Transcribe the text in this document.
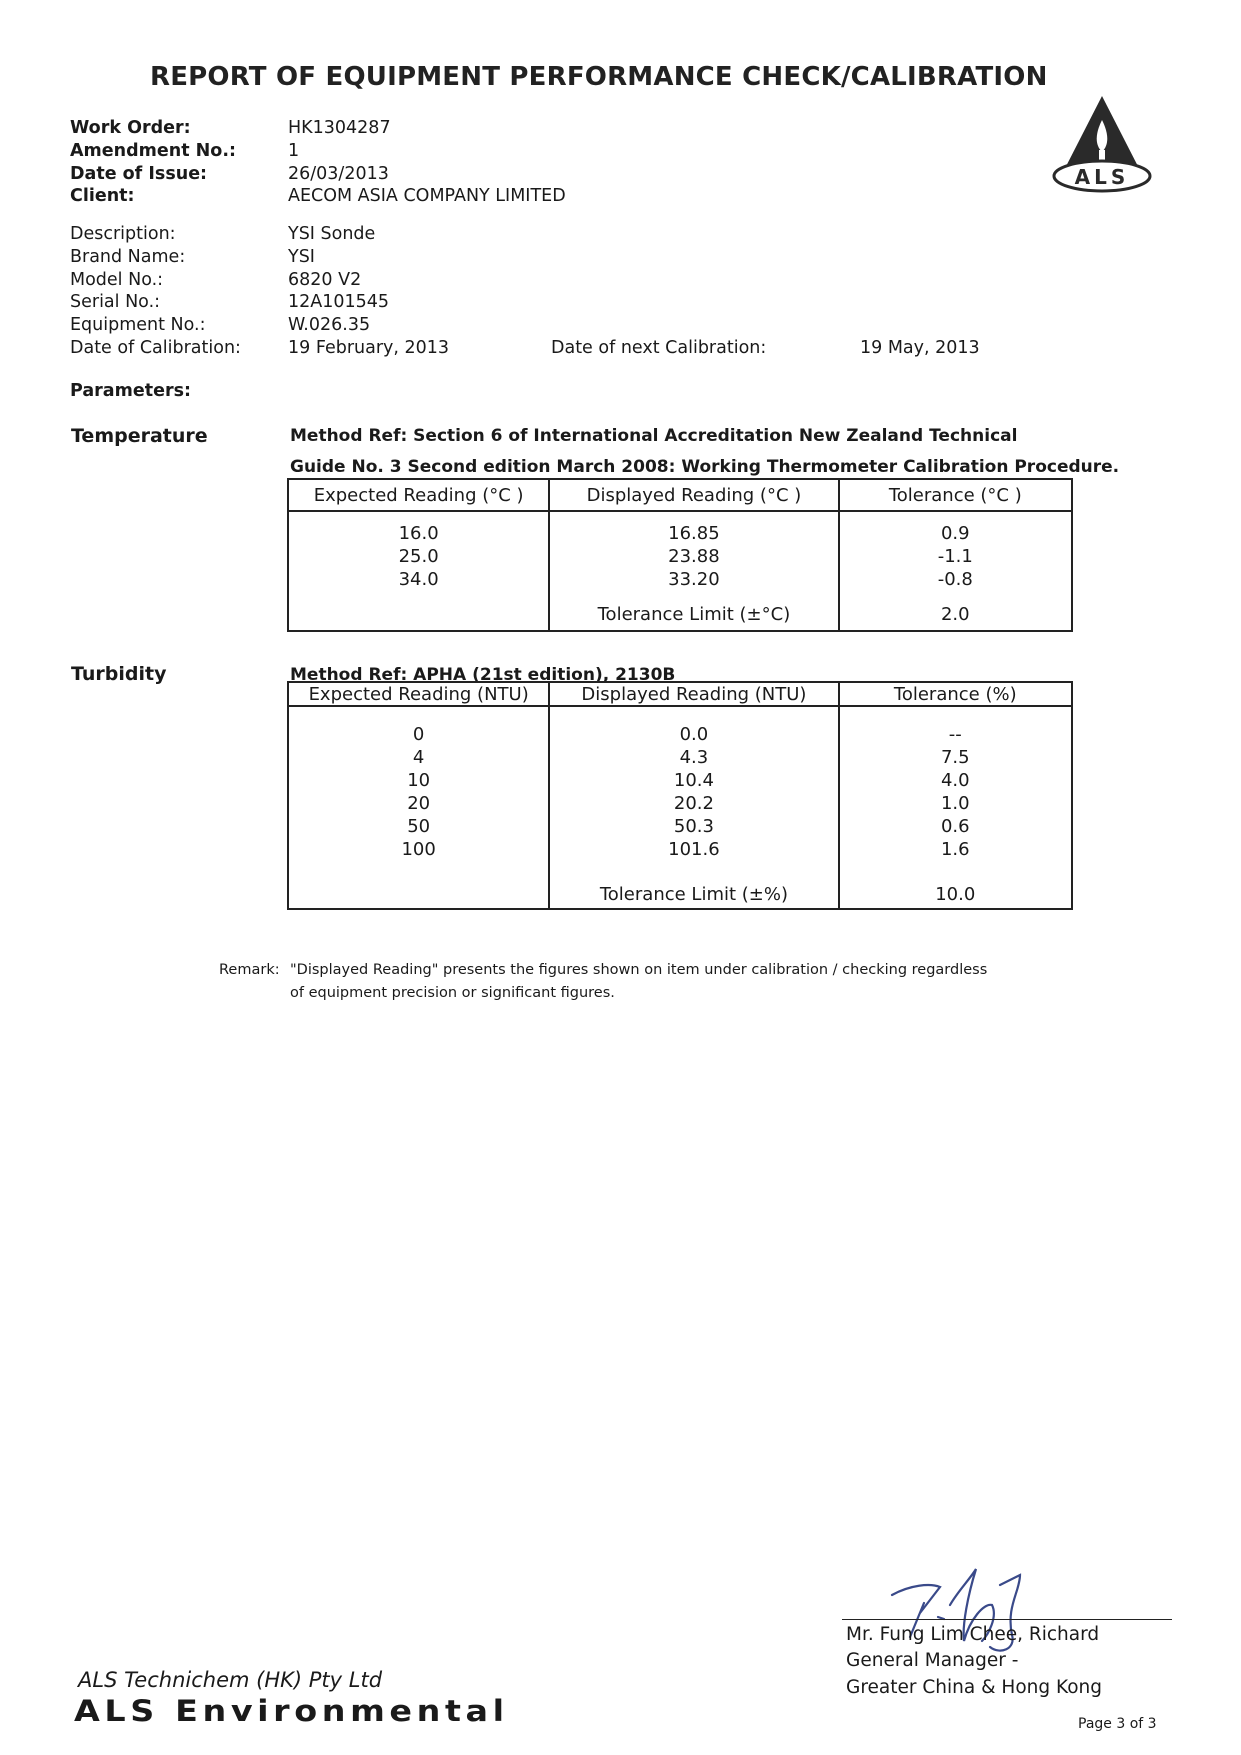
REPORT OF EQUIPMENT PERFORMANCE CHECK/CALIBRATION
ALS
Work Order:	HK1304287
Amendment No.:	1
Date of Issue:	26/03/2013
Client:	AECOM ASIA COMPANY LIMITED
Description:	YSI Sonde
Brand Name:	YSI
Model No.:	6820 V2
Serial No.:	12A101545
Equipment No.:	W.026.35
Date of Calibration:	19 February, 2013	Date of next Calibration:	19 May, 2013
Parameters:
Temperature	Method Ref: Section 6 of International Accreditation New Zealand Technical
Guide No. 3 Second edition March 2008: Working Thermometer Calibration Procedure.
Expected Reading (°C )	Displayed Reading (°C )	Tolerance (°C )

16.0	16.85	0.9
25.0	23.88	-1.1
34.0	33.20	-0.8

	Tolerance Limit (±°C)	2.0
Turbidity	Method Ref: APHA (21st edition), 2130B
Expected Reading (NTU)	Displayed Reading (NTU)	Tolerance (%)

0	0.0	--
4	4.3	7.5
10	10.4	4.0
20	20.2	1.0
50	50.3	0.6
100	101.6	1.6

	Tolerance Limit (±%)	10.0
Remark: "Displayed Reading" presents the figures shown on item under calibration / checking regardless
of equipment precision or significant figures.
Mr. Fung Lim Chee, Richard
General Manager -
Greater China & Hong Kong
Page 3 of 3
ALS Technichem (HK) Pty Ltd
ALS Environmental
